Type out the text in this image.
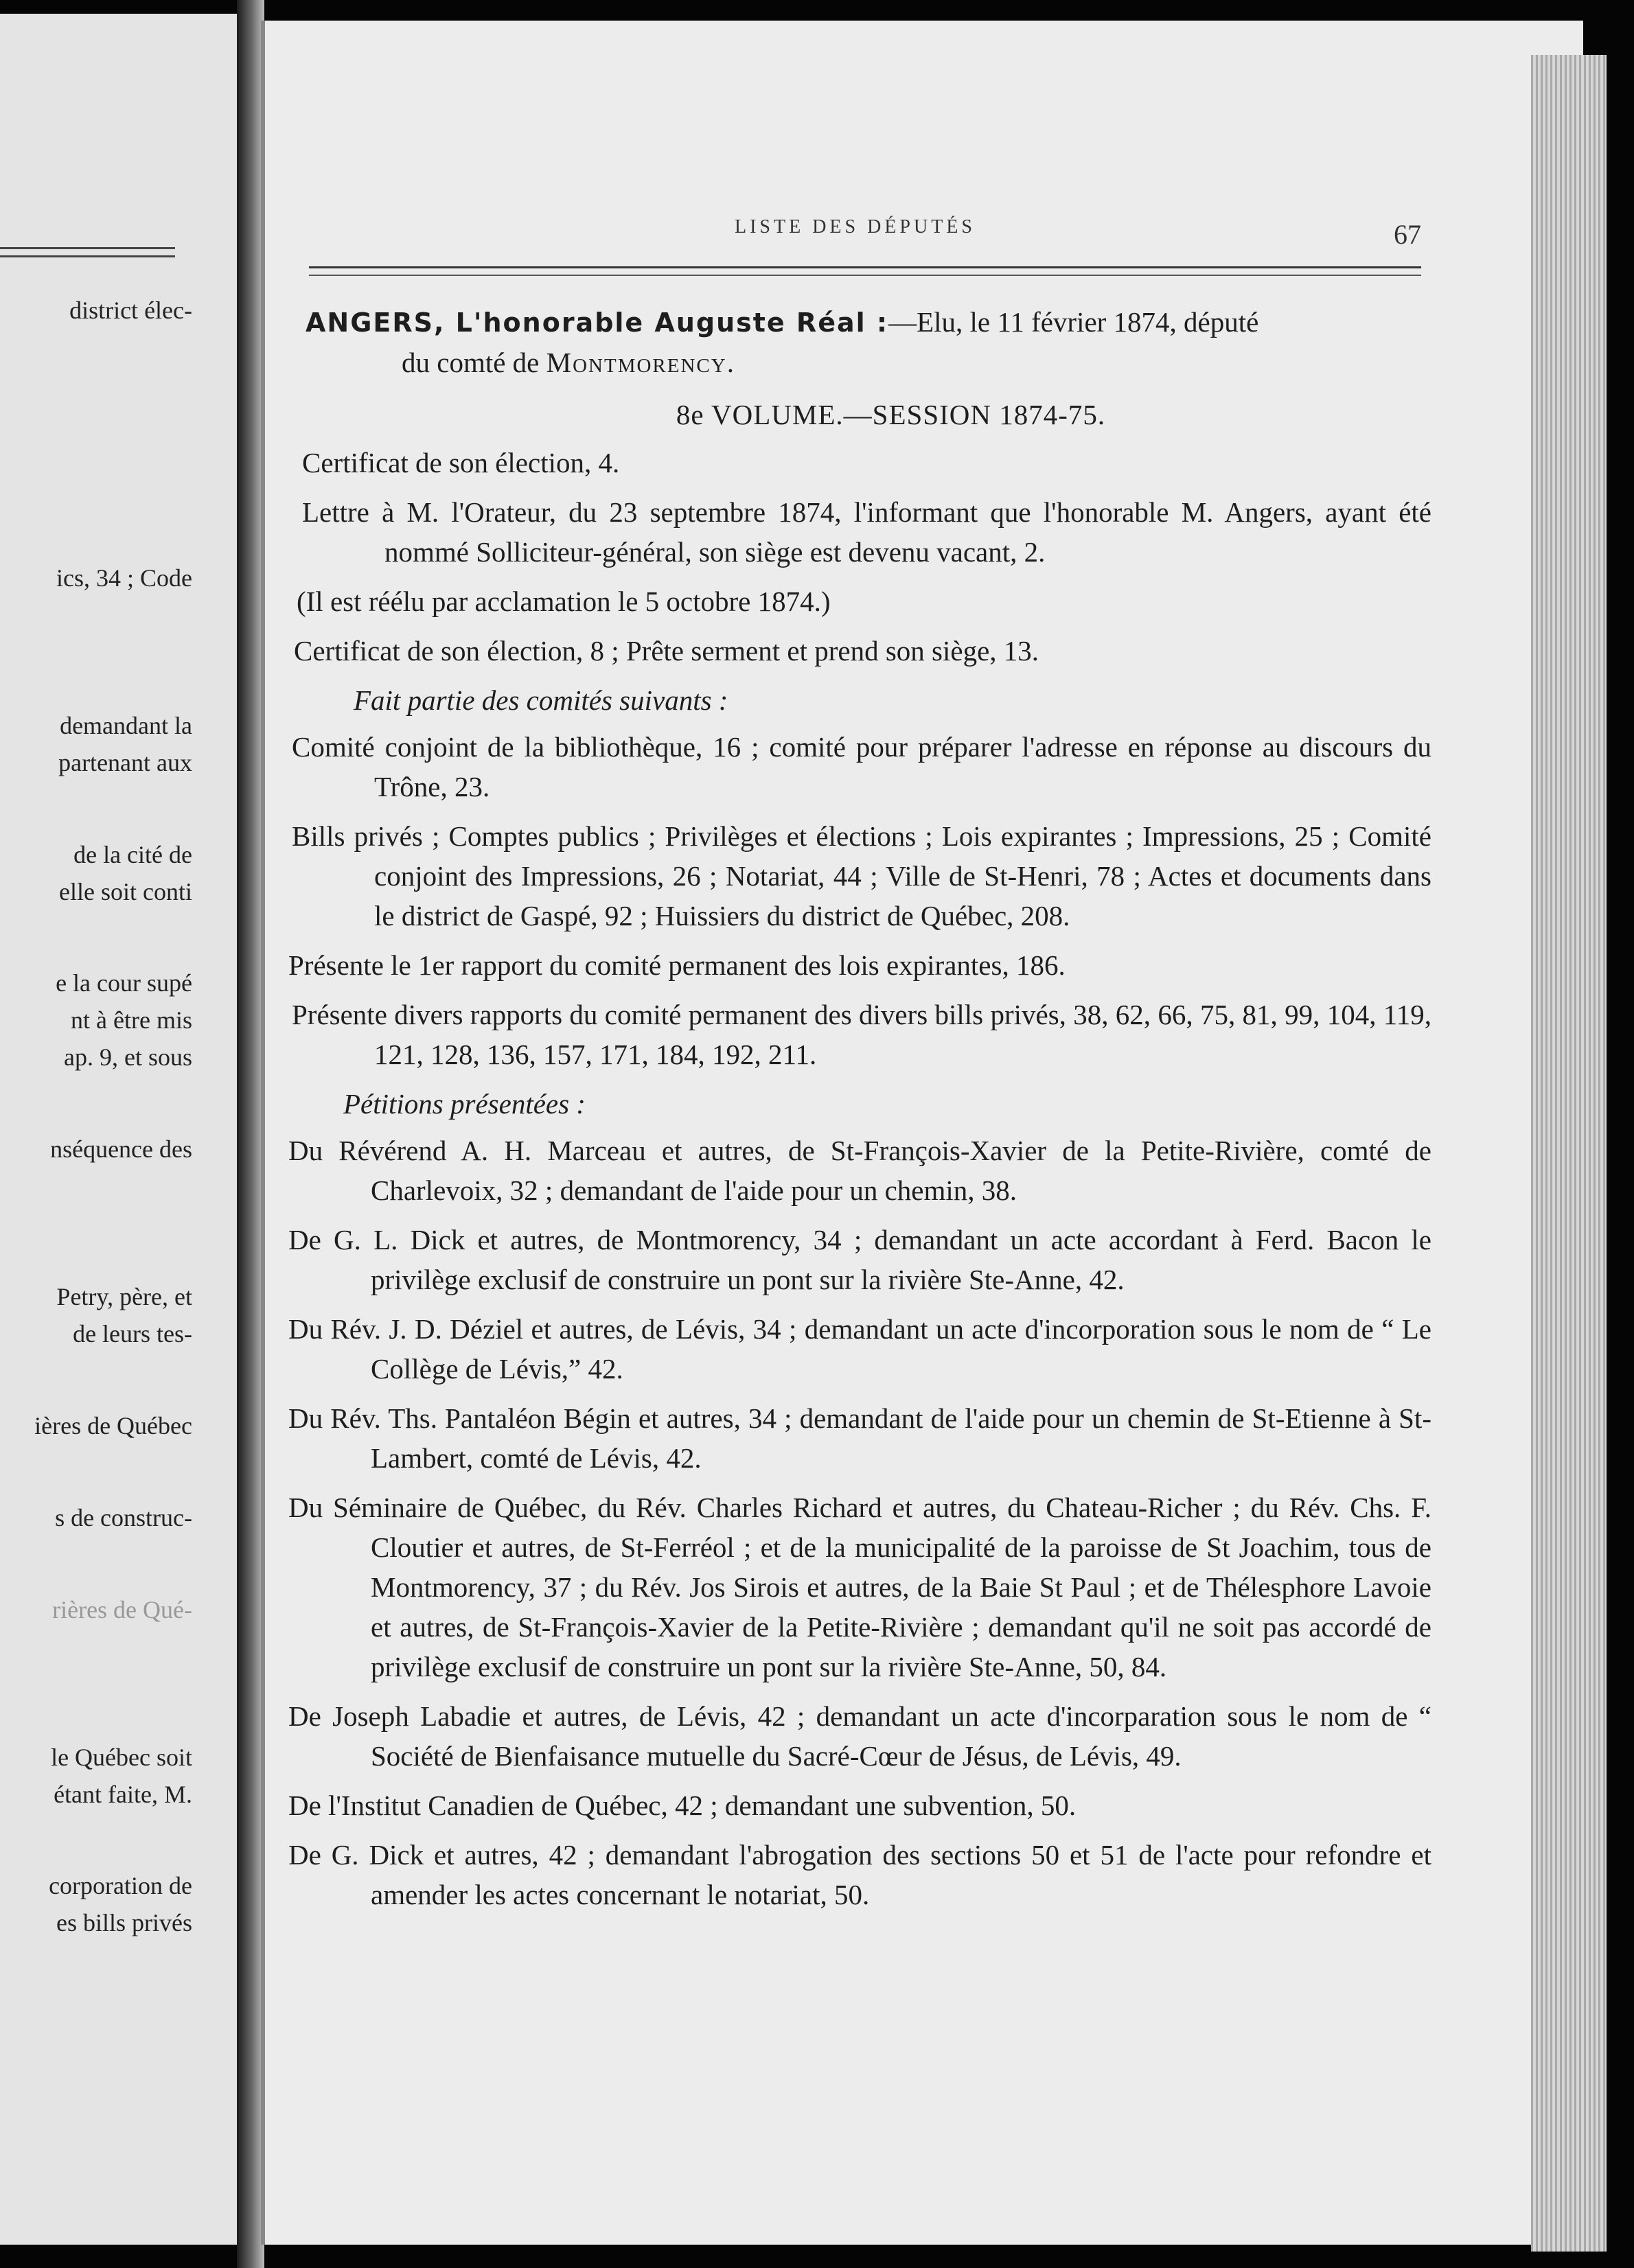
district élec-
ics, 34 ; Code
demandant la
partenant aux
de la cité de
elle soit conti
e la cour supé
nt à être mis
ap. 9, et sous
nséquence des
Petry, père, et
de leurs tes-
ières de Québec
s de construc-
rières de Qué-
le Québec soit
étant faite, M.
corporation de
es bills privés
LISTE DES DÉPUTÉS	67

ANGERS, L'honorable Auguste Réal :—Elu, le 11 février 1874, député
du comté de Montmorency.

8e VOLUME.—SESSION 1874-75.

Certificat de son élection, 4.

Lettre à M. l'Orateur, du 23 septembre 1874, l'informant que l'honorable M. Angers, ayant été nommé Solliciteur-général, son siège est devenu vacant, 2.

(Il est réélu par acclamation le 5 octobre 1874.)

Certificat de son élection, 8 ; Prête serment et prend son siège, 13.

Fait partie des comités suivants :

Comité conjoint de la bibliothèque, 16 ; comité pour préparer l'adresse en réponse au discours du Trône, 23.

Bills privés ; Comptes publics ; Privilèges et élections ; Lois expirantes ; Impressions, 25 ; Comité conjoint des Impressions, 26 ; Notariat, 44 ; Ville de St-Henri, 78 ; Actes et documents dans le district de Gaspé, 92 ; Huissiers du district de Québec, 208.

Présente le 1er rapport du comité permanent des lois expirantes, 186.

Présente divers rapports du comité permanent des divers bills privés, 38, 62, 66, 75, 81, 99, 104, 119, 121, 128, 136, 157, 171, 184, 192, 211.

Pétitions présentées :

Du Révérend A. H. Marceau et autres, de St-François-Xavier de la Petite-Rivière, comté de Charlevoix, 32 ; demandant de l'aide pour un chemin, 38.

De G. L. Dick et autres, de Montmorency, 34 ; demandant un acte accordant à Ferd. Bacon le privilège exclusif de construire un pont sur la rivière Ste-Anne, 42.

Du Rév. J. D. Déziel et autres, de Lévis, 34 ; demandant un acte d'incorporation sous le nom de “ Le Collège de Lévis,” 42.

Du Rév. Ths. Pantaléon Bégin et autres, 34 ; demandant de l'aide pour un chemin de St-Etienne à St-Lambert, comté de Lévis, 42.

Du Séminaire de Québec, du Rév. Charles Richard et autres, du Chateau-Richer ; du Rév. Chs. F. Cloutier et autres, de St-Ferréol ; et de la municipalité de la paroisse de St Joachim, tous de Montmorency, 37 ; du Rév. Jos Sirois et autres, de la Baie St Paul ; et de Thélesphore Lavoie et autres, de St-François-Xavier de la Petite-Rivière ; demandant qu'il ne soit pas accordé de privilège exclusif de construire un pont sur la rivière Ste-Anne, 50, 84.

De Joseph Labadie et autres, de Lévis, 42 ; demandant un acte d'incorparation sous le nom de “ Société de Bienfaisance mutuelle du Sacré-Cœur de Jésus, de Lévis, 49.

De l'Institut Canadien de Québec, 42 ; demandant une subvention, 50.

De G. Dick et autres, 42 ; demandant l'abrogation des sections 50 et 51 de l'acte pour refondre et amender les actes concernant le notariat, 50.
